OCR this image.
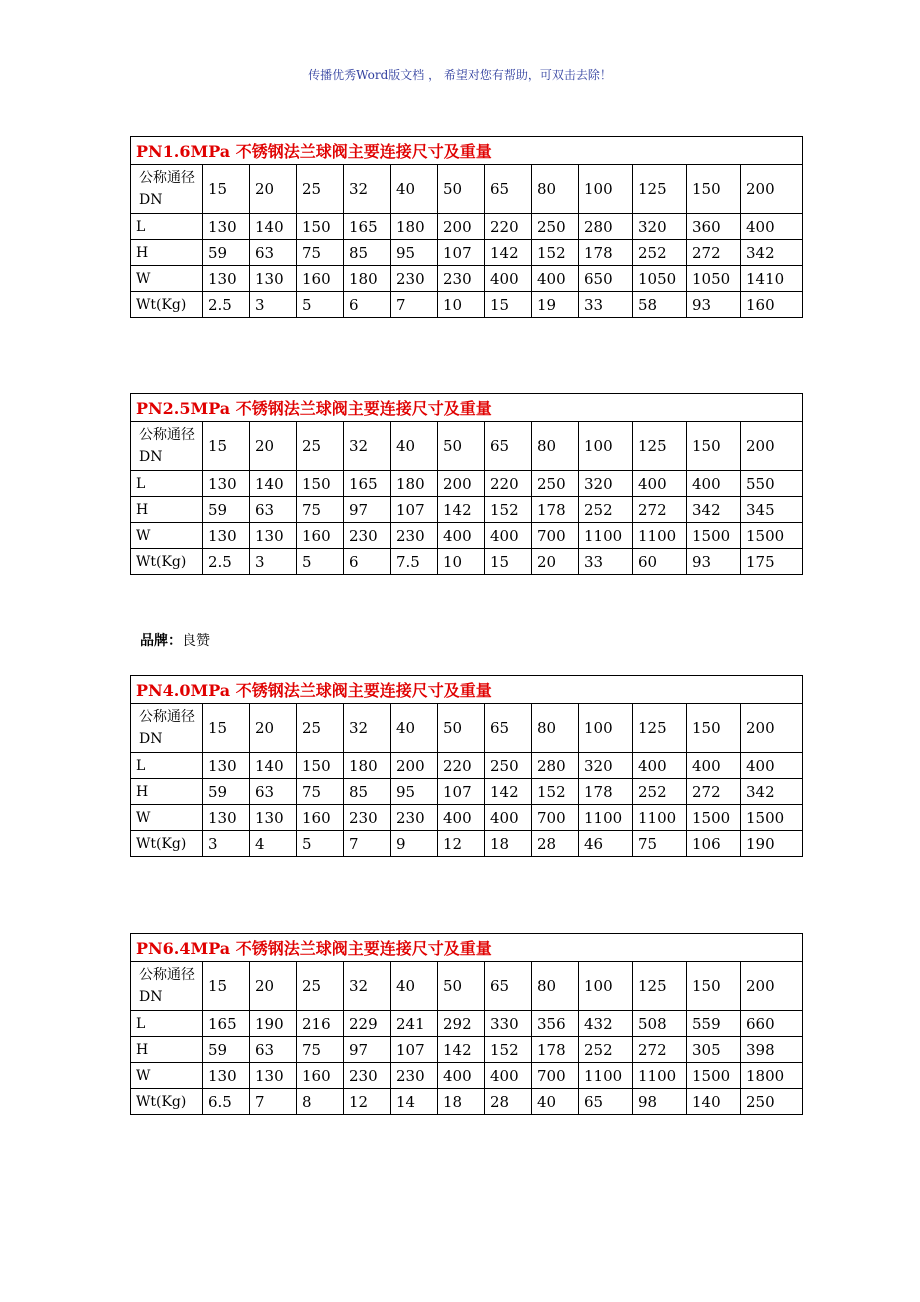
传播优秀Word版文档 ， 希望对您有帮助，可双击去除！
品牌：良赞
PN1.6MPa 不锈钢法兰球阀主要连接尺寸及重量												
公称通径 DN	15	20	25	32	40	50	65	80	100	125	150	200
L	130	140	150	165	180	200	220	250	280	320	360	400
H	59	63	75	85	95	107	142	152	178	252	272	342
W	130	130	160	180	230	230	400	400	650	1050	1050	1410
Wt(Kg)	2.5	3	5	6	7	10	15	19	33	58	93	160
PN2.5MPa 不锈钢法兰球阀主要连接尺寸及重量												
公称通径 DN	15	20	25	32	40	50	65	80	100	125	150	200
L	130	140	150	165	180	200	220	250	320	400	400	550
H	59	63	75	97	107	142	152	178	252	272	342	345
W	130	130	160	230	230	400	400	700	1100	1100	1500	1500
Wt(Kg)	2.5	3	5	6	7.5	10	15	20	33	60	93	175
PN4.0MPa 不锈钢法兰球阀主要连接尺寸及重量												
公称通径 DN	15	20	25	32	40	50	65	80	100	125	150	200
L	130	140	150	180	200	220	250	280	320	400	400	400
H	59	63	75	85	95	107	142	152	178	252	272	342
W	130	130	160	230	230	400	400	700	1100	1100	1500	1500
Wt(Kg)	3	4	5	7	9	12	18	28	46	75	106	190
PN6.4MPa 不锈钢法兰球阀主要连接尺寸及重量												
公称通径 DN	15	20	25	32	40	50	65	80	100	125	150	200
L	165	190	216	229	241	292	330	356	432	508	559	660
H	59	63	75	97	107	142	152	178	252	272	305	398
W	130	130	160	230	230	400	400	700	1100	1100	1500	1800
Wt(Kg)	6.5	7	8	12	14	18	28	40	65	98	140	250
